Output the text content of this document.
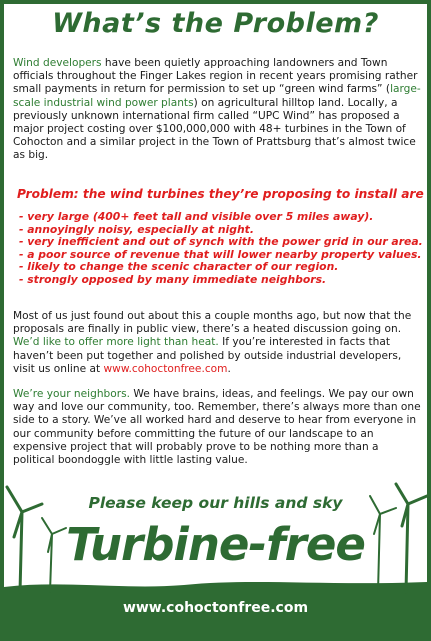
What’s the Problem?
Wind developers have been quietly approaching landowners and Town officials throughout the Finger Lakes region in recent years promising rather small payments in return for permission to set up “green wind farms” (large-scale industrial wind power plants) on agricultural hilltop land. Locally, a previously unknown international firm called “UPC Wind” has proposed a major project costing over $100,000,000 with 48+ turbines in the Town of Cohocton and a similar project in the Town of Prattsburg that’s almost twice as big.
Problem: the wind turbines they’re proposing to install are
- very large (400+ feet tall and visible over 5 miles away).
- annoyingly noisy, especially at night.
- very inefficient and out of synch with the power grid in our area.
- a poor source of revenue that will lower nearby property values.
- likely to change the scenic character of our region.
- strongly opposed by many immediate neighbors.
Most of us just found out about this a couple months ago, but now that the proposals are finally in public view, there’s a heated discussion going on. We’d like to offer more light than heat. If you’re interested in facts that haven’t been put together and polished by outside industrial developers, visit us online at www.cohoctonfree.com.
We’re your neighbors. We have brains, ideas, and feelings. We pay our own way and love our community, too. Remember, there’s always more than one side to a story. We’ve all worked hard and deserve to hear from everyone in our community before committing the future of our landscape to an expensive project that will probably prove to be nothing more than a political boondoggle with little lasting value.
Please keep our hills and sky
Turbine-free
www.cohoctonfree.com
